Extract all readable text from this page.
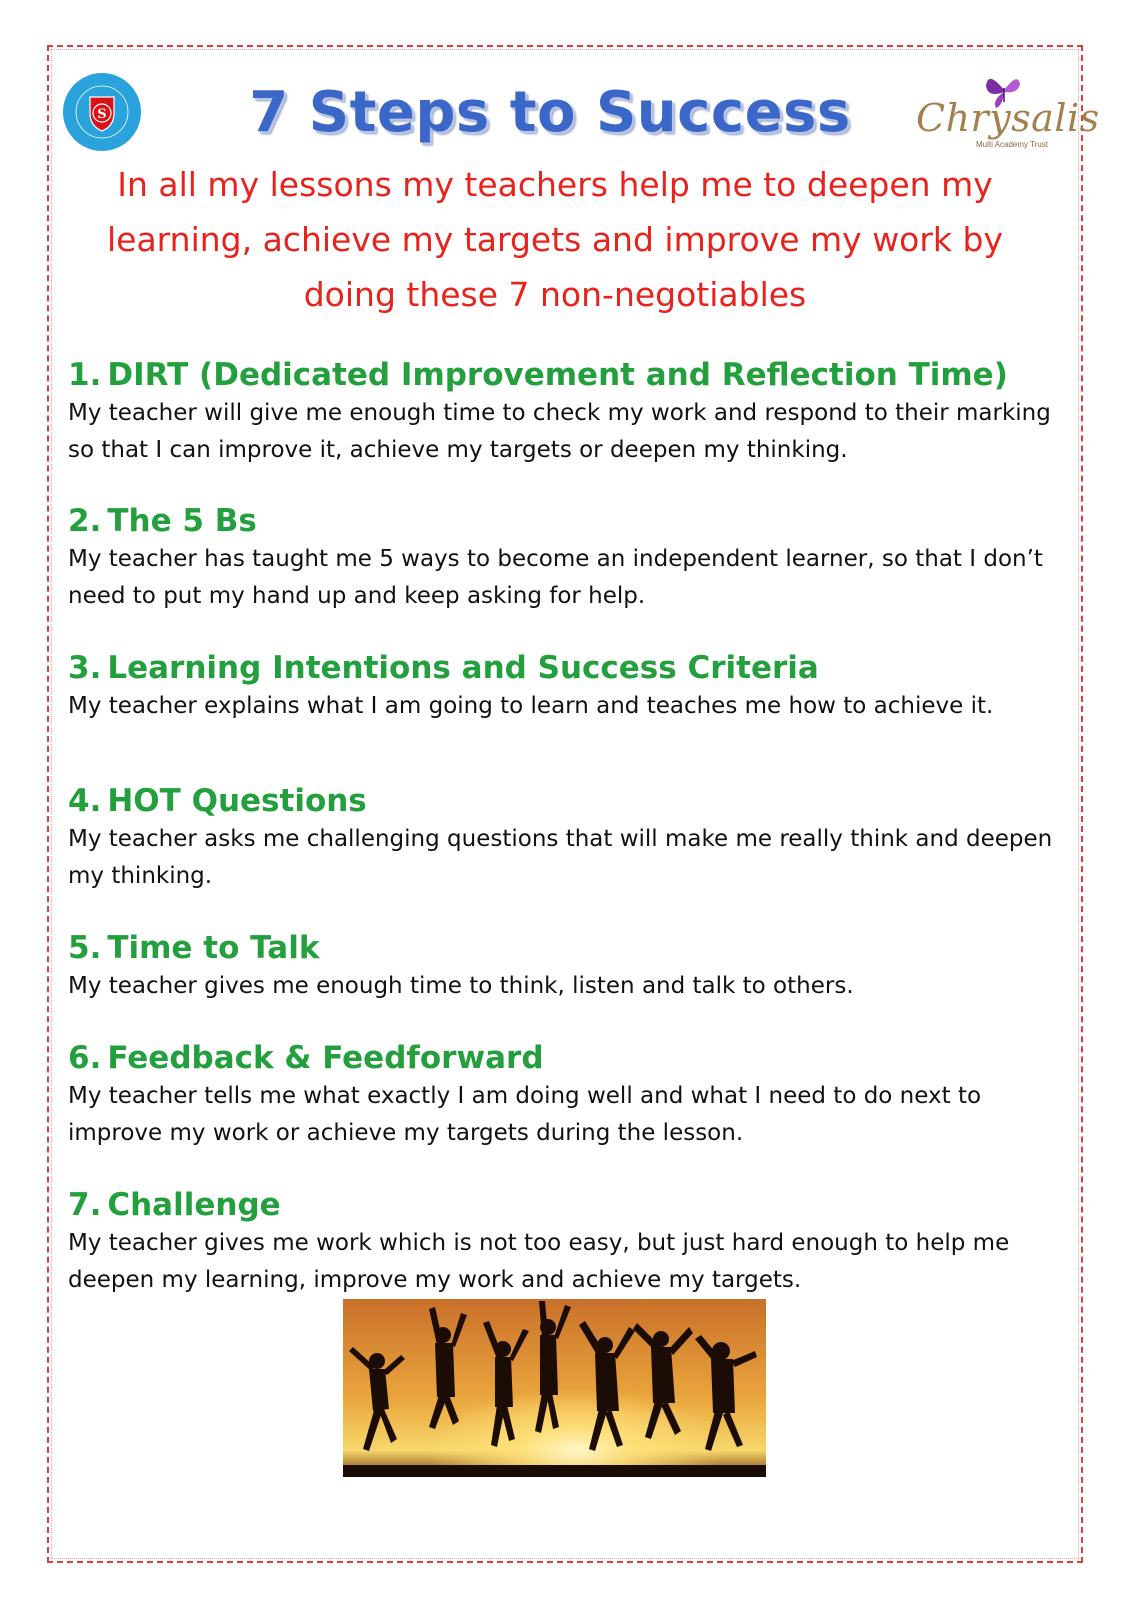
S	7 Steps to Success	Chrysalis
Multi Academy Trust
In all my lessons my teachers help me to deepen my learning, achieve my targets and improve my work by doing these 7 non-negotiables

1. DIRT (Dedicated Improvement and Reflection Time)

My teacher will give me enough time to check my work and respond to their marking so that I can improve it, achieve my targets or deepen my thinking.

2. The 5 Bs

My teacher has taught me 5 ways to become an independent learner, so that I don’t need to put my hand up and keep asking for help.

3. Learning Intentions and Success Criteria

My teacher explains what I am going to learn and teaches me how to achieve it.

4. HOT Questions

My teacher asks me challenging questions that will make me really think and deepen my thinking.

5. Time to Talk

My teacher gives me enough time to think, listen and talk to others.

6. Feedback & Feedforward

My teacher tells me what exactly I am doing well and what I need to do next to improve my work or achieve my targets during the lesson.

7. Challenge

My teacher gives me work which is not too easy, but just hard enough to help me deepen my learning, improve my work and achieve my targets.
